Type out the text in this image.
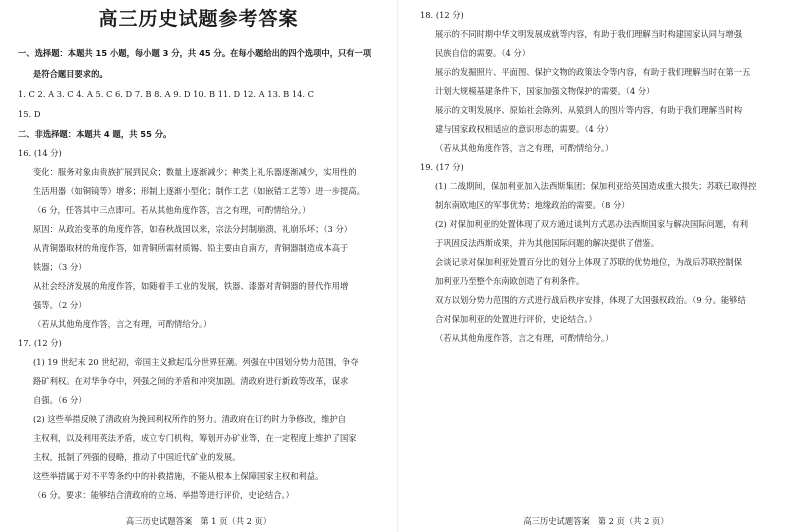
高三历史试题参考答案
一、选择题：本题共 15 小题，每小题 3 分，共 45 分。在每小题给出的四个选项中，只有一项
是符合题目要求的。
1. C 2. A 3. C 4. A 5. C 6. D 7. B 8. A 9. D 10. B 11. D 12. A 13. B 14. C
15. D
二、非选择题：本题共 4 题，共 55 分。
16. (14 分)
变化：服务对象由贵族扩展到民众；数量上逐渐减少；种类上礼乐器逐渐减少，实用性的
生活用器（如铜镜等）增多；形制上逐渐小型化；制作工艺（如嵌错工艺等）进一步提高。
（6 分，任答其中三点即可。若从其他角度作答，言之有理，可酌情给分。）
原因：从政治变革的角度作答，如春秋战国以来，宗法分封制崩溃，礼崩乐坏；（3 分）
从青铜器取材的角度作答，如青铜所需材质锡、铅主要由自南方，青铜器制造成本高于
铁器；（3 分）
从社会经济发展的角度作答，如随着手工业的发展，铁器、漆器对青铜器的替代作用增
强等。（2 分）
（若从其他角度作答，言之有理，可酌情给分。）
17. (12 分)
(1) 19 世纪末 20 世纪初，帝国主义掀起瓜分世界狂潮。列强在中国划分势力范围，争夺
路矿利权。在对华争夺中，列强之间的矛盾和冲突加剧。清政府进行新政等改革，谋求
自强。（6 分）
(2) 这些举措反映了清政府为挽回利权所作的努力。清政府在订约时力争修改，维护自
主权利，以及利用英法矛盾，成立专门机构，筹划开办矿业等，在一定程度上维护了国家
主权，抵制了列强的侵略，推动了中国近代矿业的发展。
这些举措属于对不平等条约中的补救措施，不能从根本上保障国家主权和利益。
（6 分。要求：能够结合清政府的立场、举措等进行评价，史论结合。）
高三历史试题答案 第 1 页（共 2 页）
18. (12 分)
展示的不同时期中华文明发展成就等内容，有助于我们理解当时构建国家认同与增强
民族自信的需要。（4 分）
展示的发掘照片、平面图、保护文物的政策法令等内容，有助于我们理解当时在第一五
计划大规模基建条件下，国家加强文物保护的需要。（4 分）
展示的文明发展序、原始社会陈列、从猿到人的图片等内容，有助于我们理解当时构
建与国家政权相适应的意识形态的需要。（4 分）
（若从其他角度作答，言之有理，可酌情给分。）
19. (17 分)
(1) 二战期间，保加利亚加入法西斯集团；保加利亚给英国造成重大损失；苏联已取得控
制东南欧地区的军事优势；地缘政治的需要。（8 分）
(2) 对保加利亚的处置体现了双方通过谈判方式恶办法西斯国家与解决国际问题，有利
于巩固反法西斯成果，并为其他国际问题的解决提供了借鉴。
会谈记录对保加利亚处置百分比的划分上体现了苏联的优势地位，为战后苏联控制保
加利亚乃至整个东南欧创造了有利条件。
双方以划分势力范围的方式进行战后秩序安排，体现了大国强权政治。（9 分。能够结
合对保加利亚的处置进行评价，史论结合。）
（若从其他角度作答，言之有理，可酌情给分。）
高三历史试题答案 第 2 页（共 2 页）
